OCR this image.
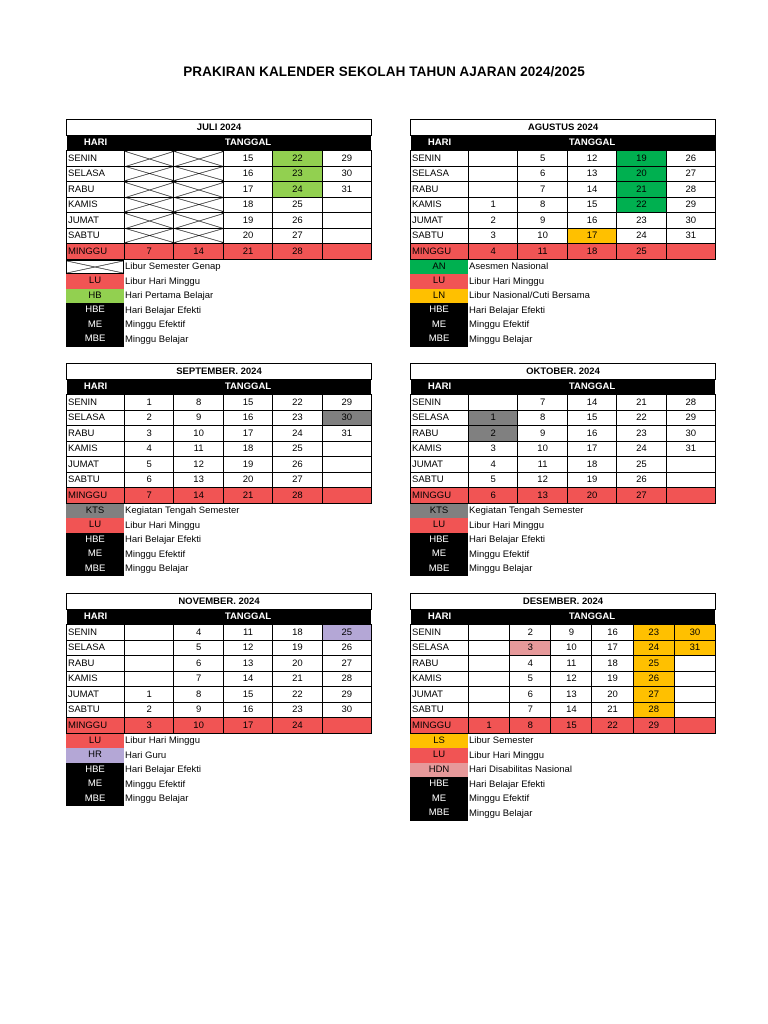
PRAKIRAN KALENDER SEKOLAH TAHUN AJARAN 2024/2025
JULI 2024					
HARI	TANGGAL				
SENIN			15	22	29
SELASA			16	23	30
RABU			17	24	31
KAMIS			18	25	
JUMAT			19	26	
SABTU			20	27	
MINGGU	7	14	21	28	
Libur Semester Genap
LU	Libur Hari Minggu
HB	Hari Pertama Belajar
HBE	Hari Belajar Efekti
ME	Minggu Efektif
MBE	Minggu Belajar
AGUSTUS 2024					
HARI	TANGGAL				
SENIN		5	12	19	26
SELASA		6	13	20	27
RABU		7	14	21	28
KAMIS	1	8	15	22	29
JUMAT	2	9	16	23	30
SABTU	3	10	17	24	31
MINGGU	4	11	18	25	
AN	Asesmen Nasional
LU	Libur Hari Minggu
LN	Libur Nasional/Cuti Bersama
HBE	Hari Belajar Efekti
ME	Minggu Efektif
MBE	Minggu Belajar
SEPTEMBER. 2024					
HARI	TANGGAL				
SENIN	1	8	15	22	29
SELASA	2	9	16	23	30
RABU	3	10	17	24	31
KAMIS	4	11	18	25	
JUMAT	5	12	19	26	
SABTU	6	13	20	27	
MINGGU	7	14	21	28	
KTS	Kegiatan Tengah Semester
LU	Libur Hari Minggu
HBE	Hari Belajar Efekti
ME	Minggu Efektif
MBE	Minggu Belajar
OKTOBER. 2024					
HARI	TANGGAL				
SENIN		7	14	21	28
SELASA	1	8	15	22	29
RABU	2	9	16	23	30
KAMIS	3	10	17	24	31
JUMAT	4	11	18	25	
SABTU	5	12	19	26	
MINGGU	6	13	20	27	
KTS	Kegiatan Tengah Semester
LU	Libur Hari Minggu
HBE	Hari Belajar Efekti
ME	Minggu Efektif
MBE	Minggu Belajar
NOVEMBER. 2024					
HARI	TANGGAL				
SENIN		4	11	18	25
SELASA		5	12	19	26
RABU		6	13	20	27
KAMIS		7	14	21	28
JUMAT	1	8	15	22	29
SABTU	2	9	16	23	30
MINGGU	3	10	17	24	
LU	Libur Hari Minggu
HR	Hari Guru
HBE	Hari Belajar Efekti
ME	Minggu Efektif
MBE	Minggu Belajar
DESEMBER. 2024						
HARI	TANGGAL					
SENIN		2	9	16	23	30
SELASA		3	10	17	24	31
RABU		4	11	18	25	
KAMIS		5	12	19	26	
JUMAT		6	13	20	27	
SABTU		7	14	21	28	
MINGGU	1	8	15	22	29	
LS	Libur Semester
LU	Libur Hari Minggu
HDN	Hari Disabilitas Nasional
HBE	Hari Belajar Efekti
ME	Minggu Efektif
MBE	Minggu Belajar
